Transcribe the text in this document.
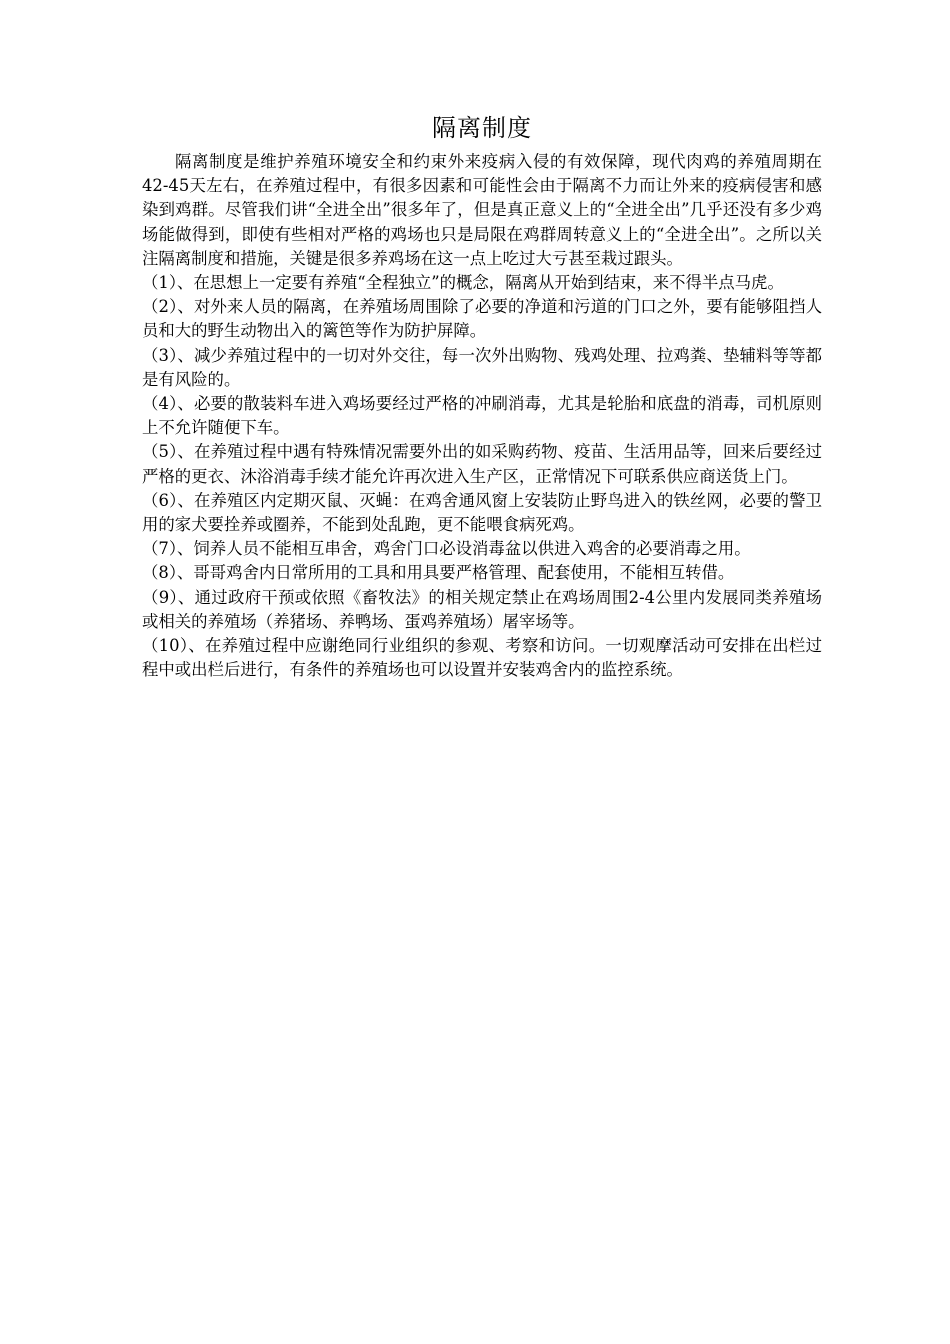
隔离制度

隔离制度是维护养殖环境安全和约束外来疫病入侵的有效保障，现代肉鸡的养殖周期在42-45天左右，在养殖过程中，有很多因素和可能性会由于隔离不力而让外来的疫病侵害和感染到鸡群。尽管我们讲“全进全出”很多年了，但是真正意义上的“全进全出”几乎还没有多少鸡场能做得到，即使有些相对严格的鸡场也只是局限在鸡群周转意义上的“全进全出”。之所以关注隔离制度和措施，关键是很多养鸡场在这一点上吃过大亏甚至栽过跟头。

（1）、在思想上一定要有养殖“全程独立”的概念，隔离从开始到结束，来不得半点马虎。

（2）、对外来人员的隔离，在养殖场周围除了必要的净道和污道的门口之外，要有能够阻挡人员和大的野生动物出入的篱笆等作为防护屏障。

（3）、减少养殖过程中的一切对外交往，每一次外出购物、残鸡处理、拉鸡粪、垫辅料等等都是有风险的。

（4）、必要的散装料车进入鸡场要经过严格的冲刷消毒，尤其是轮胎和底盘的消毒，司机原则上不允许随便下车。

（5）、在养殖过程中遇有特殊情况需要外出的如采购药物、疫苗、生活用品等，回来后要经过严格的更衣、沐浴消毒手续才能允许再次进入生产区，正常情况下可联系供应商送货上门。

（6）、在养殖区内定期灭鼠、灭蝇：在鸡舍通风窗上安装防止野鸟进入的铁丝网，必要的警卫用的家犬要拴养或圈养，不能到处乱跑，更不能喂食病死鸡。

（7）、饲养人员不能相互串舍，鸡舍门口必设消毒盆以供进入鸡舍的必要消毒之用。

（8）、哥哥鸡舍内日常所用的工具和用具要严格管理、配套使用，不能相互转借。

（9）、通过政府干预或依照《畜牧法》的相关规定禁止在鸡场周围2-4公里内发展同类养殖场或相关的养殖场（养猪场、养鸭场、蛋鸡养殖场）屠宰场等。

（10）、在养殖过程中应谢绝同行业组织的参观、考察和访问。一切观摩活动可安排在出栏过程中或出栏后进行，有条件的养殖场也可以设置并安装鸡舍内的监控系统。
